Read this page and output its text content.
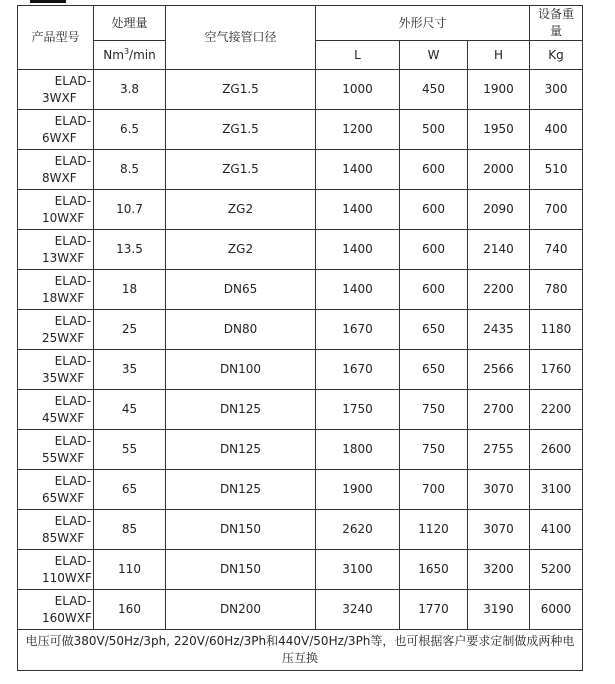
产品型号	处理量	空气接管口径	外形尺寸			设备重量
	Nm$^3$/min		L	W	H	Kg

ELAD-
3WXF	3.8	ZG1.5	1000	450	1900	300

ELAD-
6WXF	6.5	ZG1.5	1200	500	1950	400

ELAD-
8WXF	8.5	ZG1.5	1400	600	2000	510

ELAD-
10WXF	10.7	ZG2	1400	600	2090	700

ELAD-
13WXF	13.5	ZG2	1400	600	2140	740

ELAD-
18WXF	18	DN65	1400	600	2200	780

ELAD-
25WXF	25	DN80	1670	650	2435	1180

ELAD-
35WXF	35	DN100	1670	650	2566	1760

ELAD-
45WXF	45	DN125	1750	750	2700	2200

ELAD-
55WXF	55	DN125	1800	750	2755	2600

ELAD-
65WXF	65	DN125	1900	700	3070	3100

ELAD-
85WXF	85	DN150	2620	1120	3070	4100

ELAD-
110WXF	110	DN150	3100	1650	3200	5200

ELAD-
160WXF	160	DN200	3240	1770	3190	6000
电压可做380V/50Hz/3ph, 220V/60Hz/3Ph和440V/50Hz/3Ph等，也可根据客户要求定制做成两种电压互换						
